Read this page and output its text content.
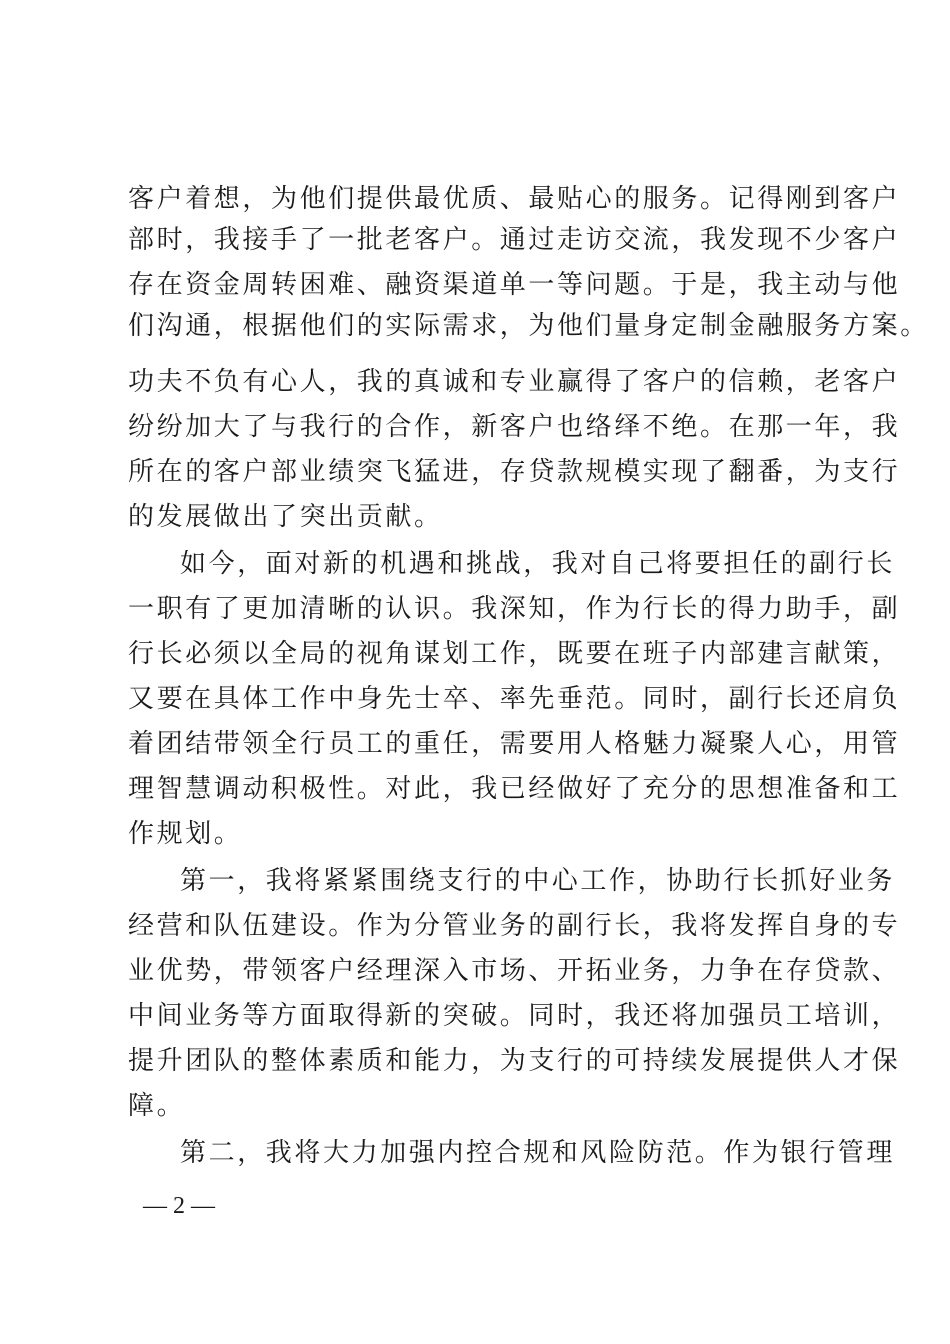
客户着想，为他们提供最优质、最贴心的服务。记得刚到客户
部时，我接手了一批老客户。通过走访交流，我发现不少客户
存在资金周转困难、融资渠道单一等问题。于是，我主动与他
们沟通，根据他们的实际需求，为他们量身定制金融服务方案。
功夫不负有心人，我的真诚和专业赢得了客户的信赖，老客户
纷纷加大了与我行的合作，新客户也络绎不绝。在那一年，我
所在的客户部业绩突飞猛进，存贷款规模实现了翻番，为支行
的发展做出了突出贡献。
如今，面对新的机遇和挑战，我对自己将要担任的副行长
一职有了更加清晰的认识。我深知，作为行长的得力助手，副
行长必须以全局的视角谋划工作，既要在班子内部建言献策，
又要在具体工作中身先士卒、率先垂范。同时，副行长还肩负
着团结带领全行员工的重任，需要用人格魅力凝聚人心，用管
理智慧调动积极性。对此，我已经做好了充分的思想准备和工
作规划。
第一，我将紧紧围绕支行的中心工作，协助行长抓好业务
经营和队伍建设。作为分管业务的副行长，我将发挥自身的专
业优势，带领客户经理深入市场、开拓业务，力争在存贷款、
中间业务等方面取得新的突破。同时，我还将加强员工培训，
提升团队的整体素质和能力，为支行的可持续发展提供人才保
障。
第二，我将大力加强内控合规和风险防范。作为银行管理
— 2 —
